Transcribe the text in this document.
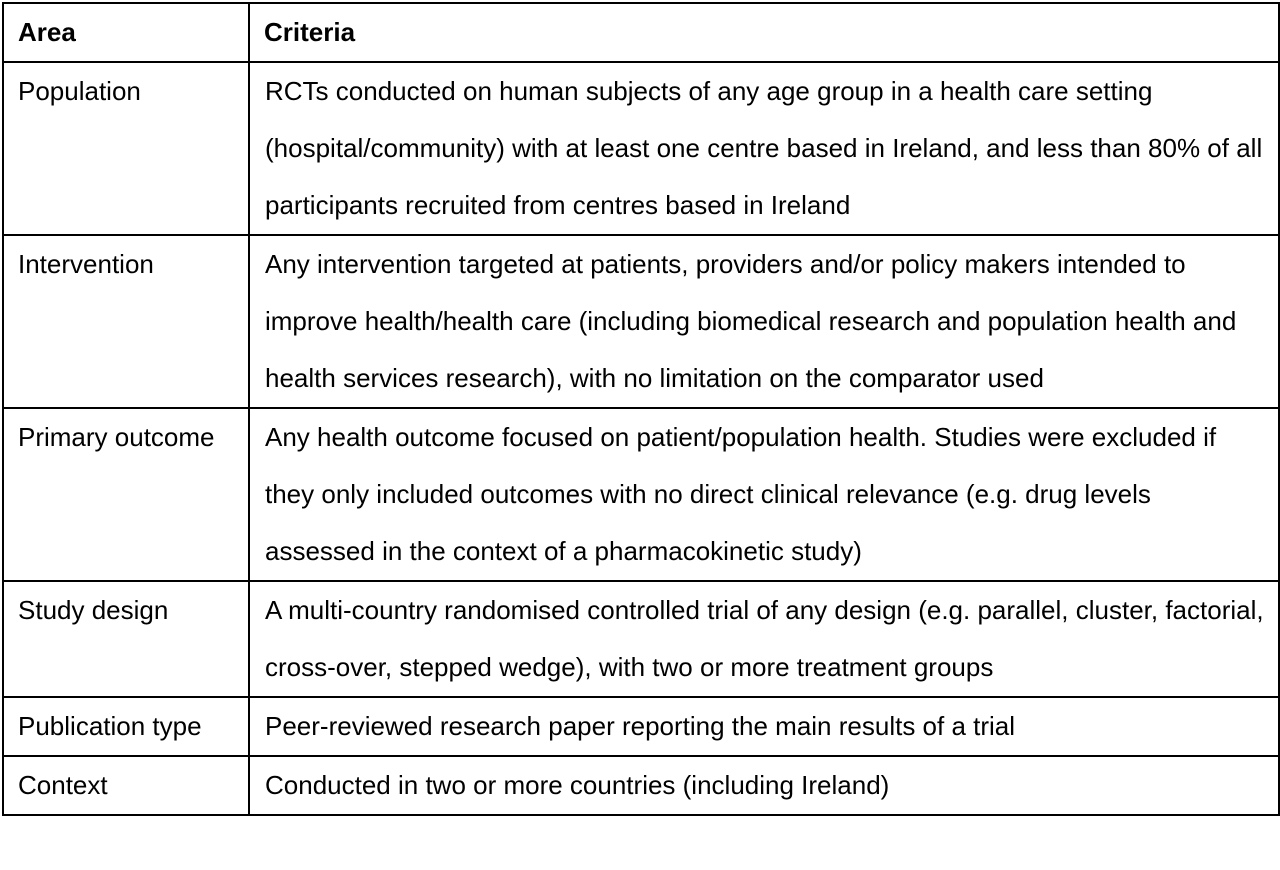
Area	Criteria
Population	RCTs conducted on human subjects of any age group in a health care setting (hospital/community) with at least one centre based in Ireland, and less than 80% of all participants recruited from centres based in Ireland
Intervention	Any intervention targeted at patients, providers and/or policy makers intended to improve health/health care (including biomedical research and population health and health services research), with no limitation on the comparator used
Primary outcome	Any health outcome focused on patient/population health. Studies were excluded if they only included outcomes with no direct clinical relevance (e.g. drug levels assessed in the context of a pharmacokinetic study)
Study design	A multi-country randomised controlled trial of any design (e.g. parallel, cluster, factorial, cross-over, stepped wedge), with two or more treatment groups
Publication type	Peer-reviewed research paper reporting the main results of a trial
Context	Conducted in two or more countries (including Ireland)
